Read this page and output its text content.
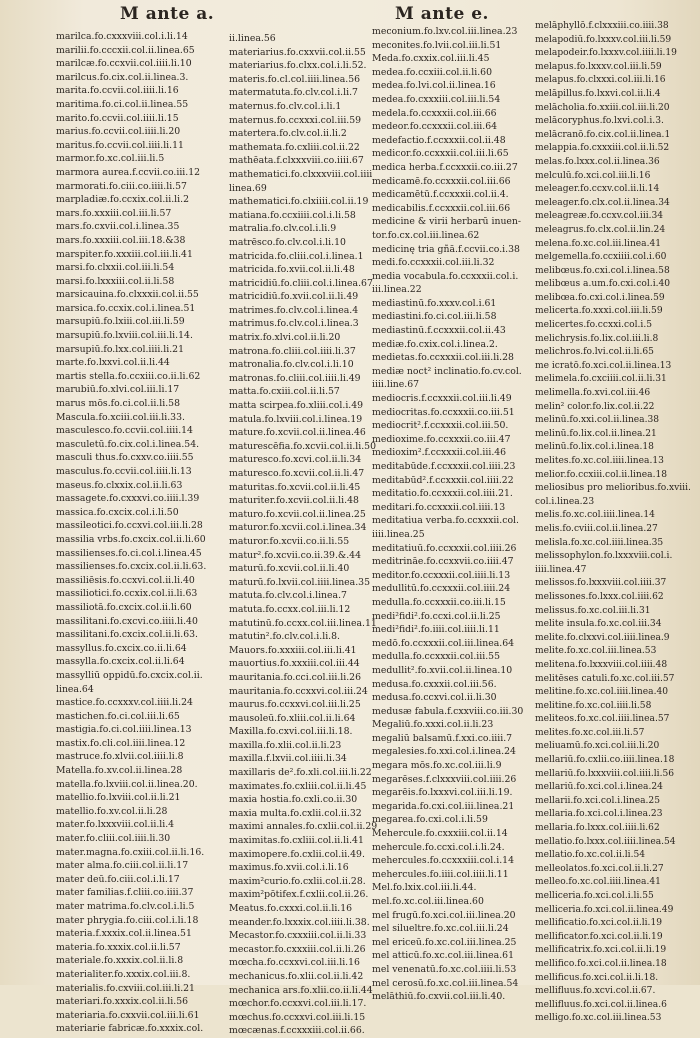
M ante a.	M ante e.
marilca.fo.cxxxviii.col.i.li.14
marilii.fo.cccxii.col.ii.linea.65
marilcæ.fo.ccxvii.col.iiii.li.10
marilcus.fo.cix.col.ii.linea.3.
marita.fo.ccvii.col.iiii.li.16
maritima.fo.ci.col.ii.linea.55
marito.fo.ccvii.col.iiii.li.15
marius.fo.ccvii.col.iiii.li.20
maritus.fo.ccvii.col.iiii.li.11
marmor.fo.xc.col.iii.li.5
marmora aurea.f.ccvii.co.iii.12
marmorati.fo.ciii.co.iiii.li.57
marpladiæ.fo.ccxix.col.ii.li.2
mars.fo.xxxiii.col.iii.li.57
mars.fo.cxvii.col.i.linea.35
mars.fo.xxxiii.col.iii.18.&38
marspiter.fo.xxxiii.col.iii.li.41
marsi.fo.clxxii.col.iii.li.54
marsi.fo.lxxxiii.col.ii.li.58
marsicauina.fo.clxxxii.col.ii.55
marsica.fo.ccxix.col.i.linea.51
marsupiū.fo.lxiii.col.iii.li.59
marsupiū.fo.lxviii.col.iii.li.14.
marsupiū.fo.lxx.col.iiii.li.21
marte.fo.lxxvi.col.ii.li.44
martis stella.fo.ccxiii.co.ii.li.62
marubiū.fo.xlvi.col.iii.li.17
marus mōs.fo.ci.col.ii.li.58
Mascula.fo.xciii.col.iii.li.33.
masculesco.fo.ccvii.col.iiii.14
masculetū.fo.cix.col.i.linea.54.
masculi thus.fo.cxxv.co.iiii.55
masculus.fo.ccvii.col.iiii.li.13
maseus.fo.clxxix.col.ii.li.63
massagete.fo.cxxxvi.co.iiii.l.39
massica.fo.cxcix.col.i.li.50
massileotici.fo.ccxvi.col.iii.li.28
massilia vrbs.fo.cxcix.col.ii.li.60
massilienses.fo.ci.col.i.linea.45
massilienses.fo.cxcix.col.ii.li.63.
massiliēsis.fo.ccxvi.col.ii.li.40
massiliotici.fo.ccxix.col.ii.li.63
massiliotā.fo.cxcix.col.ii.li.60
massilitani.fo.cxcvi.co.iiii.li.40
massilitani.fo.cxcix.col.ii.li.63.
massyllus.fo.cxcix.co.ii.li.64
massylla.fo.cxcix.col.ii.li.64
massylliū oppidū.fo.cxcix.col.ii.
linea.64
mastice.fo.ccxxxv.col.iiii.li.24
mastichen.fo.ci.col.iii.li.65
mastigia.fo.ci.col.iiii.linea.13
mastix.fo.cli.col.iiii.linea.12
mastruce.fo.xlvii.col.iiii.li.8
Matella.fo.xv.col.ii.linea.28
matella.fo.lxviii.col.ii.linea.20.
matellio.fo.lxviii.col.ii.li.21
matellio.fo.xv.col.ii.li.28
mater.fo.lxxxviii.col.ii.li.4
mater.fo.cliii.col.iiii.li.30
mater.magna.fo.cxiii.col.ii.li.16.
mater alma.fo.ciii.col.ii.li.17
mater deū.fo.ciii.col.i.li.17
mater familias.f.cliii.co.iiii.37
mater matrima.fo.clv.col.i.li.5
mater phrygia.fo.ciii.col.i.li.18
materia.f.xxxix.col.ii.linea.51
materia.fo.xxxix.col.ii.li.57
materiale.fo.xxxix.col.ii.li.8
materialiter.fo.xxxix.col.iii.8.
materialis.fo.cxviii.col.iii.li.21
materiari.fo.xxxix.col.ii.li.56
materiaria.fo.cxxvii.col.iii.li.61
materiarie fabricæ.fo.xxxix.col.
ii.linea.56
materiarius.fo.cxxvii.col.ii.55
materiarius.fo.clxx.col.i.li.52.
materis.fo.cl.col.iiii.linea.56
matermatuta.fo.clv.col.i.li.7
maternus.fo.clv.col.i.li.1
maternus.fo.ccxxxi.col.iii.59
matertera.fo.clv.col.ii.li.2
mathemata.fo.cxliii.col.ii.22
mathēata.f.clxxxviii.co.iiii.67
mathematici.fo.clxxxviii.col.iiii
linea.69
mathematici.fo.clxiiii.col.ii.19
matiana.fo.ccxiiii.col.i.li.58
matralia.fo.clv.col.i.li.9
matrēsco.fo.clv.col.i.li.10
matricida.fo.cliii.col.i.linea.1
matricida.fo.xvii.col.ii.li.48
matricidiū.fo.cliii.col.i.linea.67
matricidiū.fo.xvii.col.ii.li.49
matrimes.fo.clv.col.i.linea.4
matrimus.fo.clv.col.i.linea.3
matrix.fo.xlvi.col.ii.li.20
matrona.fo.cliii.col.iiii.li.37
matronalia.fo.clv.col.i.li.10
matronas.fo.cliii.col.iiii.li.49
matta.fo.cxiii.col.ii.li.57
matta scirpea.fo.xliii.col.i.49
matula.fo.lxviii.col.i.linea.19
mature.fo.xcvii.col.ii.linea.46
maturescēfia.fo.xcvii.col.ii.li.50
maturesco.fo.xcvi.col.ii.li.34
maturesco.fo.xcvii.col.ii.li.47
maturitas.fo.xcvii.col.ii.li.45
maturiter.fo.xcvii.col.ii.li.48
maturo.fo.xcvii.col.ii.linea.25
maturor.fo.xcvii.col.i.linea.34
maturor.fo.xcvii.co.ii.li.55
matur².fo.xcvii.co.ii.39.&.44
maturū.fo.xcvii.col.ii.li.40
maturū.fo.lxvii.col.iiii.linea.35
matuta.fo.clv.col.i.linea.7
matuta.fo.ccxx.col.iii.li.12
matutinū.fo.ccxx.col.iii.linea.11
matutin².fo.clv.col.i.li.8.
Mauors.fo.xxxiii.col.iii.li.41
mauortius.fo.xxxiii.col.iii.44
mauritania.fo.cci.col.iii.li.26
mauritania.fo.ccxxvi.col.iii.24
maurus.fo.ccxxvi.col.iii.li.25
mausoleū.fo.xliii.col.ii.li.64
Maxilla.fo.cxvi.col.iii.li.18.
maxilla.fo.xlii.col.ii.li.23
maxilla.f.lxvii.col.iiii.li.34
maxillaris de².fo.xli.col.iii.li.22
maximates.fo.cxliii.col.ii.li.45
maxia hostia.fo.cxli.co.ii.30
maxia multa.fo.cxlii.col.ii.32
maximi annales.fo.cxlii.col.ii.29
maximitas.fo.cxliii.col.ii.li.41
maximopere.fo.cxlii.col.ii.49.
maximus.fo.xvii.col.i.li.16
maxim²curio.fo.cxlii.col.ii.28.
maxim²pōtifex.f.cxlii.col.ii.26.
Meatus.fo.cxxxi.col.ii.li.16
meander.fo.lxxxix.col.iiii.li.38.
Mecastor.fo.cxxxiii.col.ii.li.33
mecastor.fo.cxxxiii.col.ii.li.26
mœcha.fo.ccxxvi.col.iii.li.16
mechanicus.fo.xlii.col.ii.li.42
mechanica ars.fo.xlii.co.ii.li.44
mœchor.fo.ccxxvi.col.iii.li.17.
mœchus.fo.ccxxvi.col.iii.li.15
mœcænas.f.ccxxxiii.col.ii.66.
meconium.fo.lxv.col.iii.linea.23
meconites.fo.lvii.col.iii.li.51
Meda.fo.cxxix.col.iii.li.45
medea.fo.ccxiii.col.ii.li.60
medea.fo.lvi.col.ii.linea.16
medea.fo.cxxxiii.col.iii.li.54
medela.fo.ccxxxii.col.iii.66
medeor.fo.ccxxxii.col.iii.64
medefactio.f.ccxxxii.col.ii.48
medicor.fo.ccxxxii.col.iii.li.65
medica herba.f.ccxxxii.co.iii.27
medicamē.fo.ccxxxii.col.iii.66
medicamētū.f.ccxxxii.col.ii.4.
medicabilis.f.ccxxxii.col.iii.66
medicine & virii herbarū inuen-
tor.fo.cx.col.iii.linea.62
medicinę tria gñā.f.ccvii.co.i.38
medi.fo.ccxxxii.col.iii.li.32
media vocabula.fo.ccxxxii.col.i.
iii.linea.22
mediastinū.fo.xxxv.col.i.61
mediastini.fo.ci.col.iii.li.58
mediastinū.f.ccxxxii.col.ii.43
mediæ.fo.cxix.col.i.linea.2.
medietas.fo.ccxxxii.col.iii.li.28
mediæ noct² inclinatio.fo.cv.col.
iiii.line.67
mediocris.f.ccxxxii.col.iii.li.49
mediocritas.fo.ccxxxii.co.iii.51
mediocrit².f.ccxxxii.col.iii.50.
medioxime.fo.ccxxxii.co.iii.47
medioxim².f.ccxxxii.col.iii.46
meditabūde.f.ccxxxii.col.iiii.23
meditabūd².f.ccxxxii.col.iiii.22
meditatio.fo.ccxxxii.col.iiii.21.
meditari.fo.ccxxxii.col.iiii.13
meditatiua verba.fo.ccxxxii.col.
iiii.linea.25
meditatiuū.fo.ccxxxii.col.iiii.26
meditrināe.fo.ccxxvii.co.iiii.47
meditor.fo.ccxxxii.col.iiii.li.13
medullitū.fo.ccxxxii.col.iiii.24
medulla.fo.ccxxxii.co.iii.li.15
medi²fidi².fo.ccxi.col.ii.li.25
medi²fidi².fo.iiii.col.iiii.li.11
medō.fo.ccxxxii.col.iii.linea.64
medulla.fo.ccxxxii.col.iii.55
medullit².fo.xvii.col.ii.linea.10
medusa.fo.cxxxii.col.iii.56.
medusa.fo.ccxvi.col.ii.li.30
medusæ fabula.f.cxxviii.co.iii.30
Megaliū.fo.xxxi.col.ii.li.23
megaliū balsamū.f.xxi.co.iiii.7
megalesies.fo.xxi.col.i.linea.24
megara mōs.fo.xc.col.iii.li.9
megarēses.f.clxxxviii.col.iiii.26
megarēis.fo.lxxxvi.col.iii.li.19.
megarida.fo.cxi.col.iii.linea.21
megarea.fo.cxi.col.i.li.59
Mehercule.fo.cxxxiii.col.ii.14
mehercule.fo.ccxi.col.i.li.24.
mehercules.fo.ccxxxiii.col.i.14
mehercules.fo.iiii.col.iiii.li.11
Mel.fo.lxix.col.iii.li.44.
mel.fo.xc.col.iii.linea.60
mel frugū.fo.xci.col.iii.linea.20
mel silueltre.fo.xc.col.iii.li.24
mel ericeū.fo.xc.col.iii.linea.25
mel atticū.fo.xc.col.iii.linea.61
mel venenatū.fo.xc.col.iiii.li.53
mel cerosū.fo.xc.col.iii.linea.54
melāthiū.fo.cxvii.col.iii.li.40.
melāphyllō.f.clxxxiii.co.iiii.38
melapodiū.fo.lxxxv.col.iii.li.59
melapodeir.fo.lxxxv.col.iiii.li.19
melapus.fo.lxxxv.col.iii.li.59
melapus.fo.clxxxi.col.iii.li.16
melāpillus.fo.lxxvi.col.ii.li.4
melācholia.fo.xxiii.col.iii.li.20
melācoryphus.fo.lxvi.col.i.3.
melācranō.fo.cix.col.ii.linea.1
melappia.fo.cxxxiii.col.ii.li.52
melas.fo.lxxx.col.ii.linea.36
melculū.fo.xci.col.iii.li.16
meleager.fo.ccxv.col.ii.li.14
meleager.fo.clx.col.ii.linea.34
meleagreæ.fo.ccxv.col.iii.34
meleagrus.fo.clx.col.ii.lin.24
melena.fo.xc.col.iii.linea.41
melgemella.fo.ccxiiii.col.i.60
melibœus.fo.cxi.col.i.linea.58
melibœus a.um.fo.cxi.col.i.40
melibœa.fo.cxi.col.i.linea.59
melicerta.fo.xxxi.col.iii.li.59
melicertes.fo.ccxxi.col.i.5
melichrysis.fo.lix.col.iii.li.8
melichros.fo.lvi.col.ii.li.65
me icratō.fo.xci.col.ii.linea.13
melimela.fo.cxciiii.col.ii.li.31
melimella.fo.xvi.col.iii.46
melin² color.fo.lix.col.ii.22
melinū.fo.xxi.col.ii.linea.38
melinū.fo.lix.col.ii.linea.21
melinū.fo.lix.col.i.linea.18
melites.fo.xc.col.iiii.linea.13
melior.fo.ccxiii.col.ii.linea.18
meliosibus pro melioribus.fo.xviii.
col.i.linea.23
melis.fo.xc.col.iiii.linea.14
melis.fo.cviii.col.ii.linea.27
melisla.fo.xc.col.iiii.linea.35
melissophylon.fo.lxxxviii.col.i.
iiii.linea.47
melissos.fo.lxxxviii.col.iiii.37
melissones.fo.lxxx.col.iiii.62
melissus.fo.xc.col.iii.li.31
melite insula.fo.xc.col.iii.34
melite.fo.clxxvi.col.iiii.linea.9
melite.fo.xc.col.iii.linea.53
melitena.fo.lxxxviii.col.iiii.48
melitēses catuli.fo.xc.col.iii.57
melitine.fo.xc.col.iiii.linea.40
melitine.fo.xc.col.iiii.li.58
meliteos.fo.xc.col.iiii.linea.57
melites.fo.xc.col.iii.li.57
meliuamū.fo.xci.col.iii.li.20
mellariū.fo.cxlii.co.iiii.linea.18
mellariū.fo.lxxxviii.col.iiii.li.56
mellariū.fo.xci.col.i.linea.24
mellarii.fo.xci.col.i.linea.25
mellaria.fo.xci.col.i.linea.23
mellaria.fo.lxxx.col.iiii.li.62
mellatio.fo.lxxx.col.iiii.linea.54
mellatio.fo.xc.col.ii.li.54
melleolatos.fo.xci.col.ii.li.27
melleo.fo.xc.col.iiii.linea.41
melliceria.fo.xci.col.i.li.55
melliceria.fo.xci.col.ii.linea.49
mellificatio.fo.xci.col.ii.li.19
mellificator.fo.xci.col.ii.li.19
mellificatrix.fo.xci.col.ii.li.19
mellifico.fo.xci.col.ii.linea.18
mellificus.fo.xci.col.ii.li.18.
mellifluus.fo.xcvi.col.ii.67.
mellifluus.fo.xci.col.ii.linea.6
melligo.fo.xc.col.iii.linea.53
